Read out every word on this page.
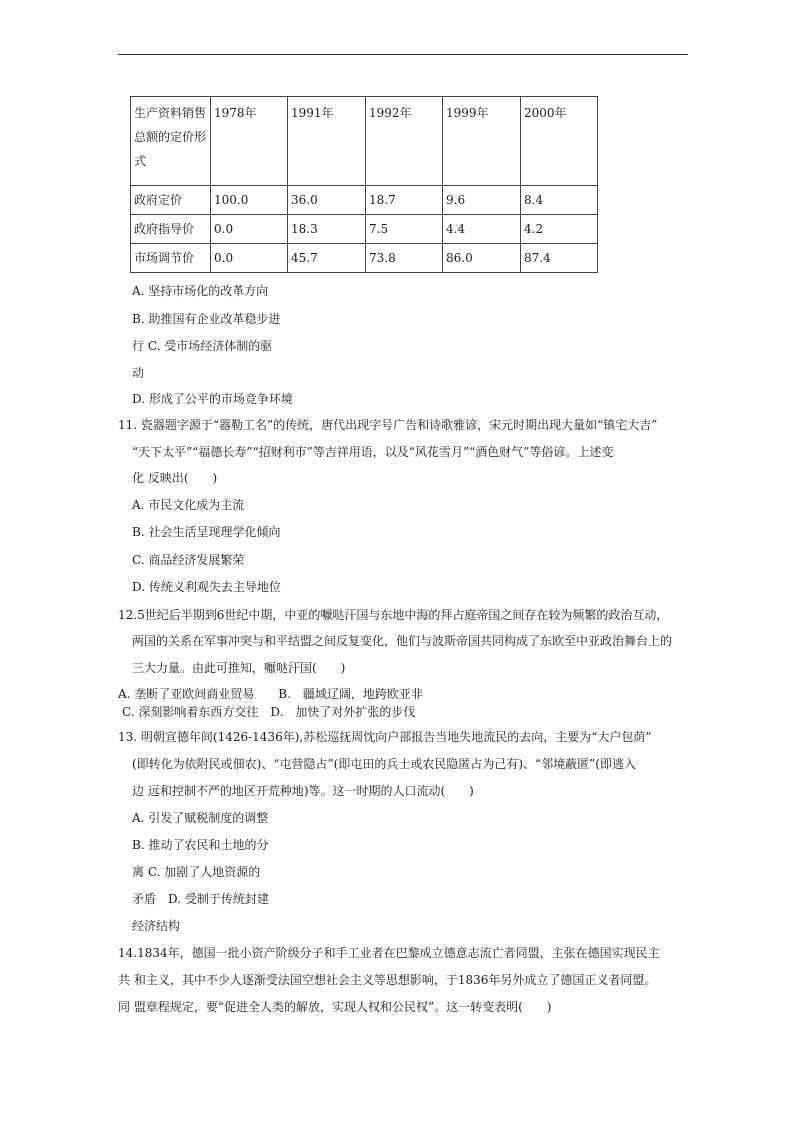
生产资料销售
总额的定价形
式	1978年	1991年	1992年	1999年	2000年
政府定价	100.0	36.0	18.7	9.6	8.4
政府指导价	0.0	18.3	7.5	4.4	4.2
市场调节价	0.0	45.7	73.8	86.0	87.4
A. 坚持市场化的改革方向
B. 助推国有企业改革稳步进
行 C. 受市场经济体制的驱
动
D. 形成了公平的市场竞争环境
11. 瓷器题字源于“器勒工名”的传统，唐代出现字号广告和诗歌雅谚，宋元时期出现大量如“镇宅大吉”
“天下太平”“福德长寿”“招财利市”等吉祥用语，以及“风花雪月”“酒色财气”等俗谚。上述变
化 反映出(　　)
A. 市民文化成为主流
B. 社会生活呈现理学化倾向
C. 商品经济发展繁荣
D. 传统义利观失去主导地位
12.5世纪后半期到6世纪中期，中亚的嚈哒汗国与东地中海的拜占庭帝国之间存在较为频繁的政治互动，
两国的关系在军事冲突与和平结盟之间反复变化，他们与波斯帝国共同构成了东欧至中亚政治舞台上的
三大力量。由此可推知，嚈哒汗国(　　)
A. 垄断了亚欧间商业贸易　　B.　疆域辽阔，地跨欧亚非
C. 深刻影响着东西方交往　D.　加快了对外扩张的步伐
13. 明朝宣德年间(1426-1436年),苏松巡抚周忱向户部报告当地失地流民的去向，主要为“大户包荫”
(即转化为依附民或佃农)、“屯营隐占”(即屯田的兵士或农民隐匿占为己有)、“邻境蔽匿”(即逃入
边 远和控制不严的地区开荒种地)等。这一时期的人口流动(　　)
A. 引发了赋税制度的调整
B. 推动了农民和土地的分
离 C. 加剧了人地资源的
矛盾　D. 受制于传统封建
经济结构
14.1834年，德国一批小资产阶级分子和手工业者在巴黎成立德意志流亡者同盟，主张在德国实现民主
共 和主义，其中不少人逐渐受法国空想社会主义等思想影响，于1836年另外成立了德国正义者同盟。
同 盟章程规定，要“促进全人类的解放，实现人权和公民权”。这一转变表明(　　)
